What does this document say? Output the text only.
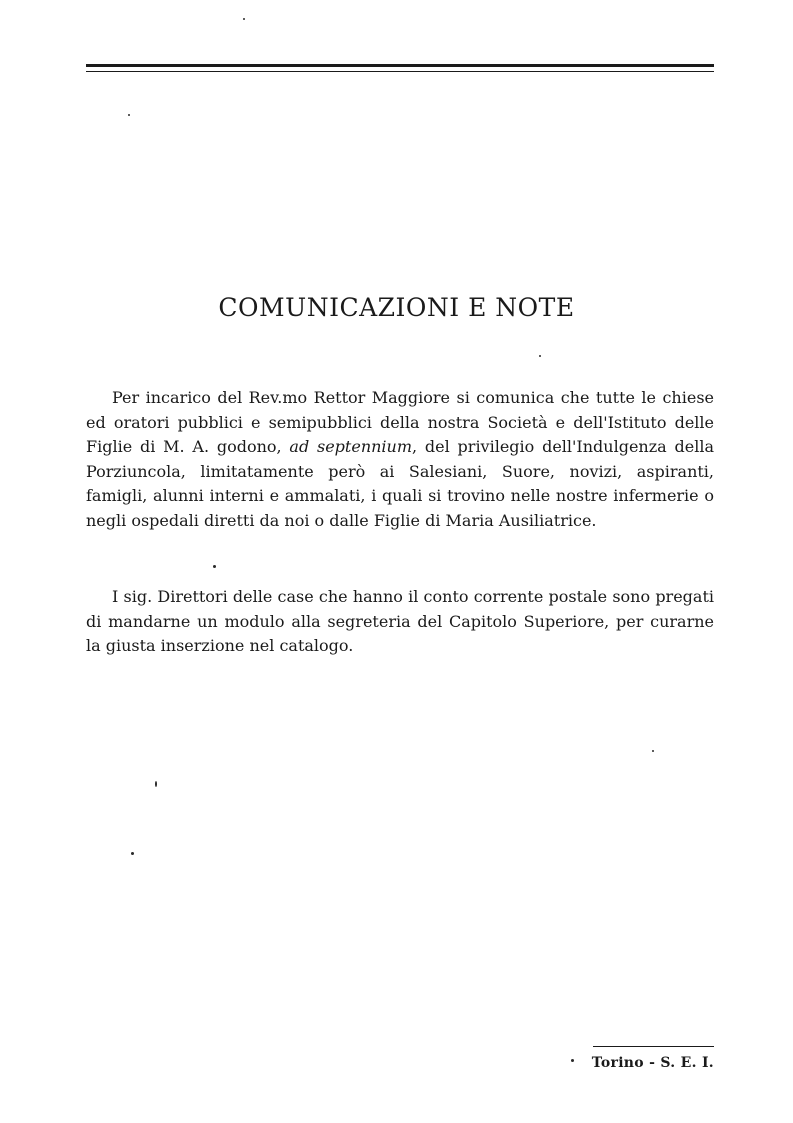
COMUNICAZIONI E NOTE

Per incarico del Rev.mo Rettor Maggiore si comunica che tutte le chiese ed oratori pubblici e semipubblici della nostra Società e dell'Istituto delle Figlie di M. A. godono, ad septennium, del privilegio dell'Indulgenza della Porziuncola, limitatamente però ai Salesiani, Suore, novizi, aspiranti, famigli, alunni interni e ammalati, i quali si trovino nelle nostre infermerie o negli ospedali diretti da noi o dalle Figlie di Maria Ausiliatrice.

I sig. Direttori delle case che hanno il conto corrente postale sono pregati di mandarne un modulo alla segreteria del Capitolo Superiore, per curarne la giusta inserzione nel catalogo.

Torino - S. E. I.
